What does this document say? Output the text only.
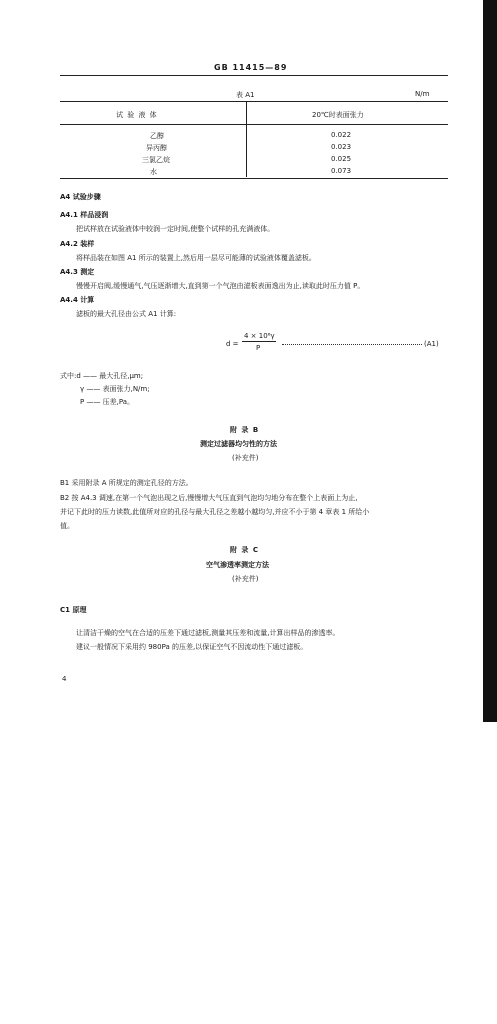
GB 11415—89
表 A1	N/m
试 验 液 体	20℃时表面张力
乙醇	0.022
异丙醇	0.023
三氯乙烷	0.025
水	0.073
A4 试验步骤
A4.1 样品浸润
把试样放在试验液体中较润一定时间,使整个试样的孔充满液体。
A4.2 装样
将样品装在如图 A1 所示的装置上,然后用一层尽可能薄的试验液体覆盖滤板。
A4.3 测定
慢慢开启阀,缓慢通气,气压逐渐增大,直到第一个气泡由滤板表面逸出为止,读取此时压力值 P。
A4.4 计算
滤板的最大孔径由公式 A1 计算:
d =
4 × 10⁶γ
P	(A1)
式中:d —— 最大孔径,μm;
γ —— 表面张力,N/m;
P —— 压差,Pa。
附 录 B
测定过滤器均匀性的方法
(补充件)
B1 采用附录 A 所规定的测定孔径的方法。
B2 按 A4.3 调速,在第一个气泡出现之后,慢慢增大气压直到气泡均匀地分布在整个上表面上为止,
并记下此时的压力读数,此值所对应的孔径与最大孔径之差越小越均匀,并应不小于第 4 章表 1 所给小
值。
附 录 C
空气渗透率测定方法
(补充件)
C1 原理
让清洁干燥的空气在合适的压差下通过滤板,测量其压差和流量,计算出样品的渗透率。
建议一般情况下采用约 980Pa 的压差,以保证空气不因流动性下通过滤板。
4
